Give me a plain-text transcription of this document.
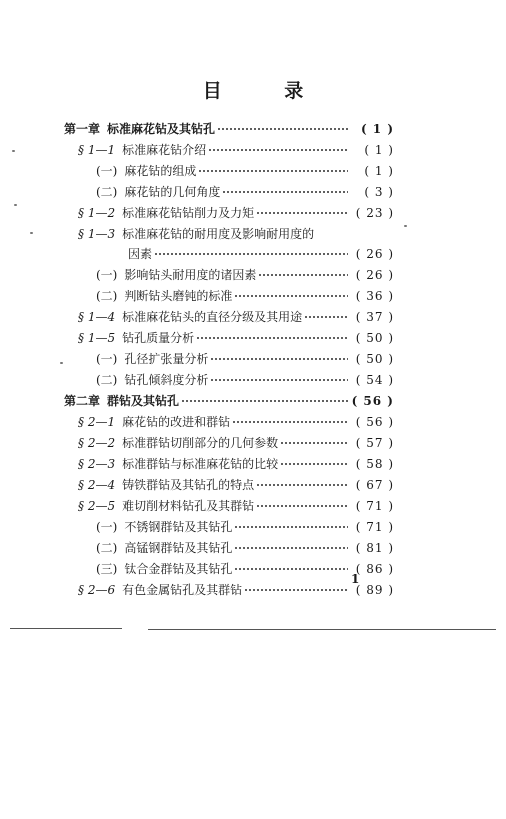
目 录
第一章 标准麻花钻及其钻孔	( 1 )
§ 1—1 标准麻花钻介绍	( 1 )
(一) 麻花钻的组成	( 1 )
(二) 麻花钻的几何角度	( 3 )
§ 1—2 标准麻花钻钻削力及力矩	( 23 )
§ 1—3 标准麻花钻的耐用度及影响耐用度的
因素	( 26 )
(一) 影响钻头耐用度的诸因素	( 26 )
(二) 判断钻头磨钝的标准	( 36 )
§ 1—4 标准麻花钻头的直径分级及其用途	( 37 )
§ 1—5 钻孔质量分析	( 50 )
(一) 孔径扩张量分析	( 50 )
(二) 钻孔倾斜度分析	( 54 )
第二章 群钻及其钻孔	( 56 )
§ 2—1 麻花钻的改进和群钻	( 56 )
§ 2—2 标准群钻切削部分的几何参数	( 57 )
§ 2—3 标准群钻与标准麻花钻的比较	( 58 )
§ 2—4 铸铁群钻及其钻孔的特点	( 67 )
§ 2—5 难切削材料钻孔及其群钻	( 71 )
(一) 不锈钢群钻及其钻孔	( 71 )
(二) 高锰钢群钻及其钻孔	( 81 )
(三) 钛合金群钻及其钻孔	( 86 )
§ 2—6 有色金属钻孔及其群钻	( 89 )
1
